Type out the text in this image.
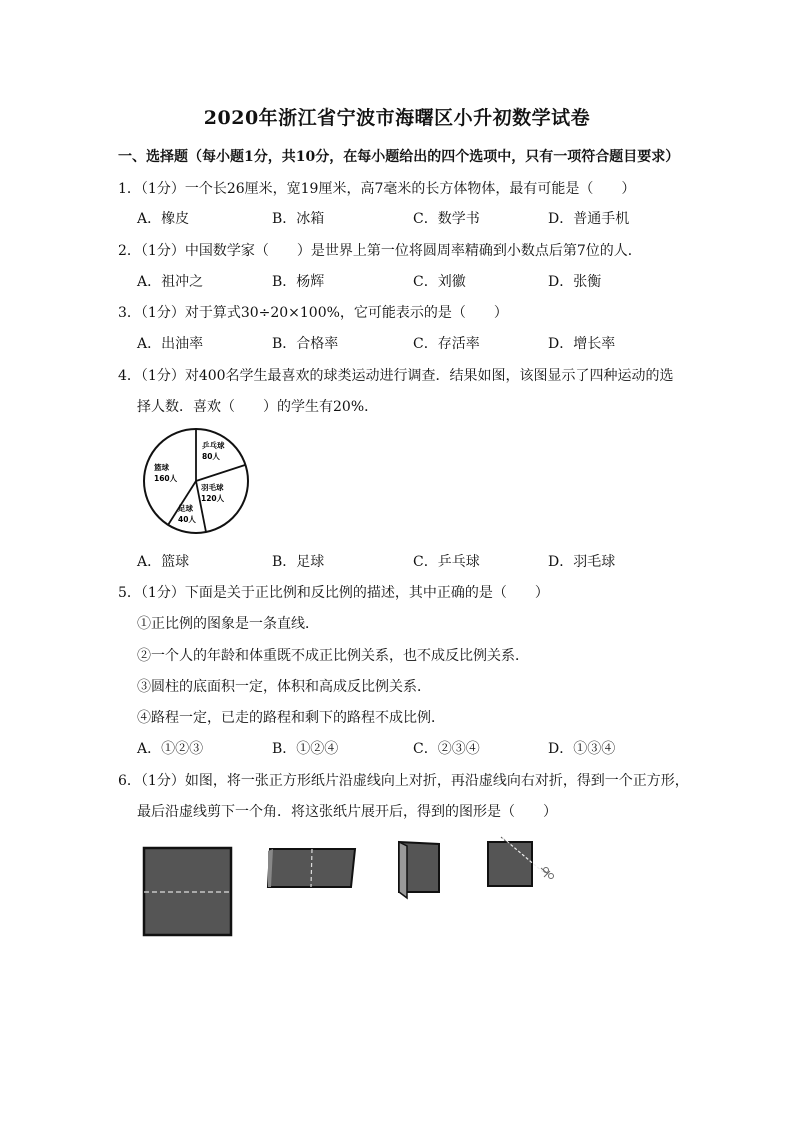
2020年浙江省宁波市海曙区小升初数学试卷
一、选择题（每小题1分，共10分，在每小题给出的四个选项中，只有一项符合题目要求）
1．（1分）一个长26厘米，宽19厘米，高7毫米的长方体物体，最有可能是（　　）
A．橡皮	B．冰箱	C．数学书	D．普通手机
2．（1分）中国数学家（　　）是世界上第一位将圆周率精确到小数点后第7位的人．
A．祖冲之	B．杨辉	C．刘徽	D．张衡
3．（1分）对于算式30÷20×100%，它可能表示的是（　　）
A．出油率	B．合格率	C．存活率	D．增长率
4．（1分）对400名学生最喜欢的球类运动进行调查．结果如图，该图显示了四种运动的选
择人数．喜欢（　　）的学生有20%．
乒乓球
80人
篮球
160人
羽毛球
120人
足球
40人
A．篮球	B．足球	C．乒乓球	D．羽毛球
5．（1分）下面是关于正比例和反比例的描述，其中正确的是（　　）
①正比例的图象是一条直线．
②一个人的年龄和体重既不成正比例关系，也不成反比例关系．
③圆柱的底面积一定，体积和高成反比例关系．
④路程一定，已走的路程和剩下的路程不成比例．
A．①②③	B．①②④	C．②③④	D．①③④
6．（1分）如图，将一张正方形纸片沿虚线向上对折，再沿虚线向右对折，得到一个正方形，
最后沿虚线剪下一个角．将这张纸片展开后，得到的图形是（　　）
